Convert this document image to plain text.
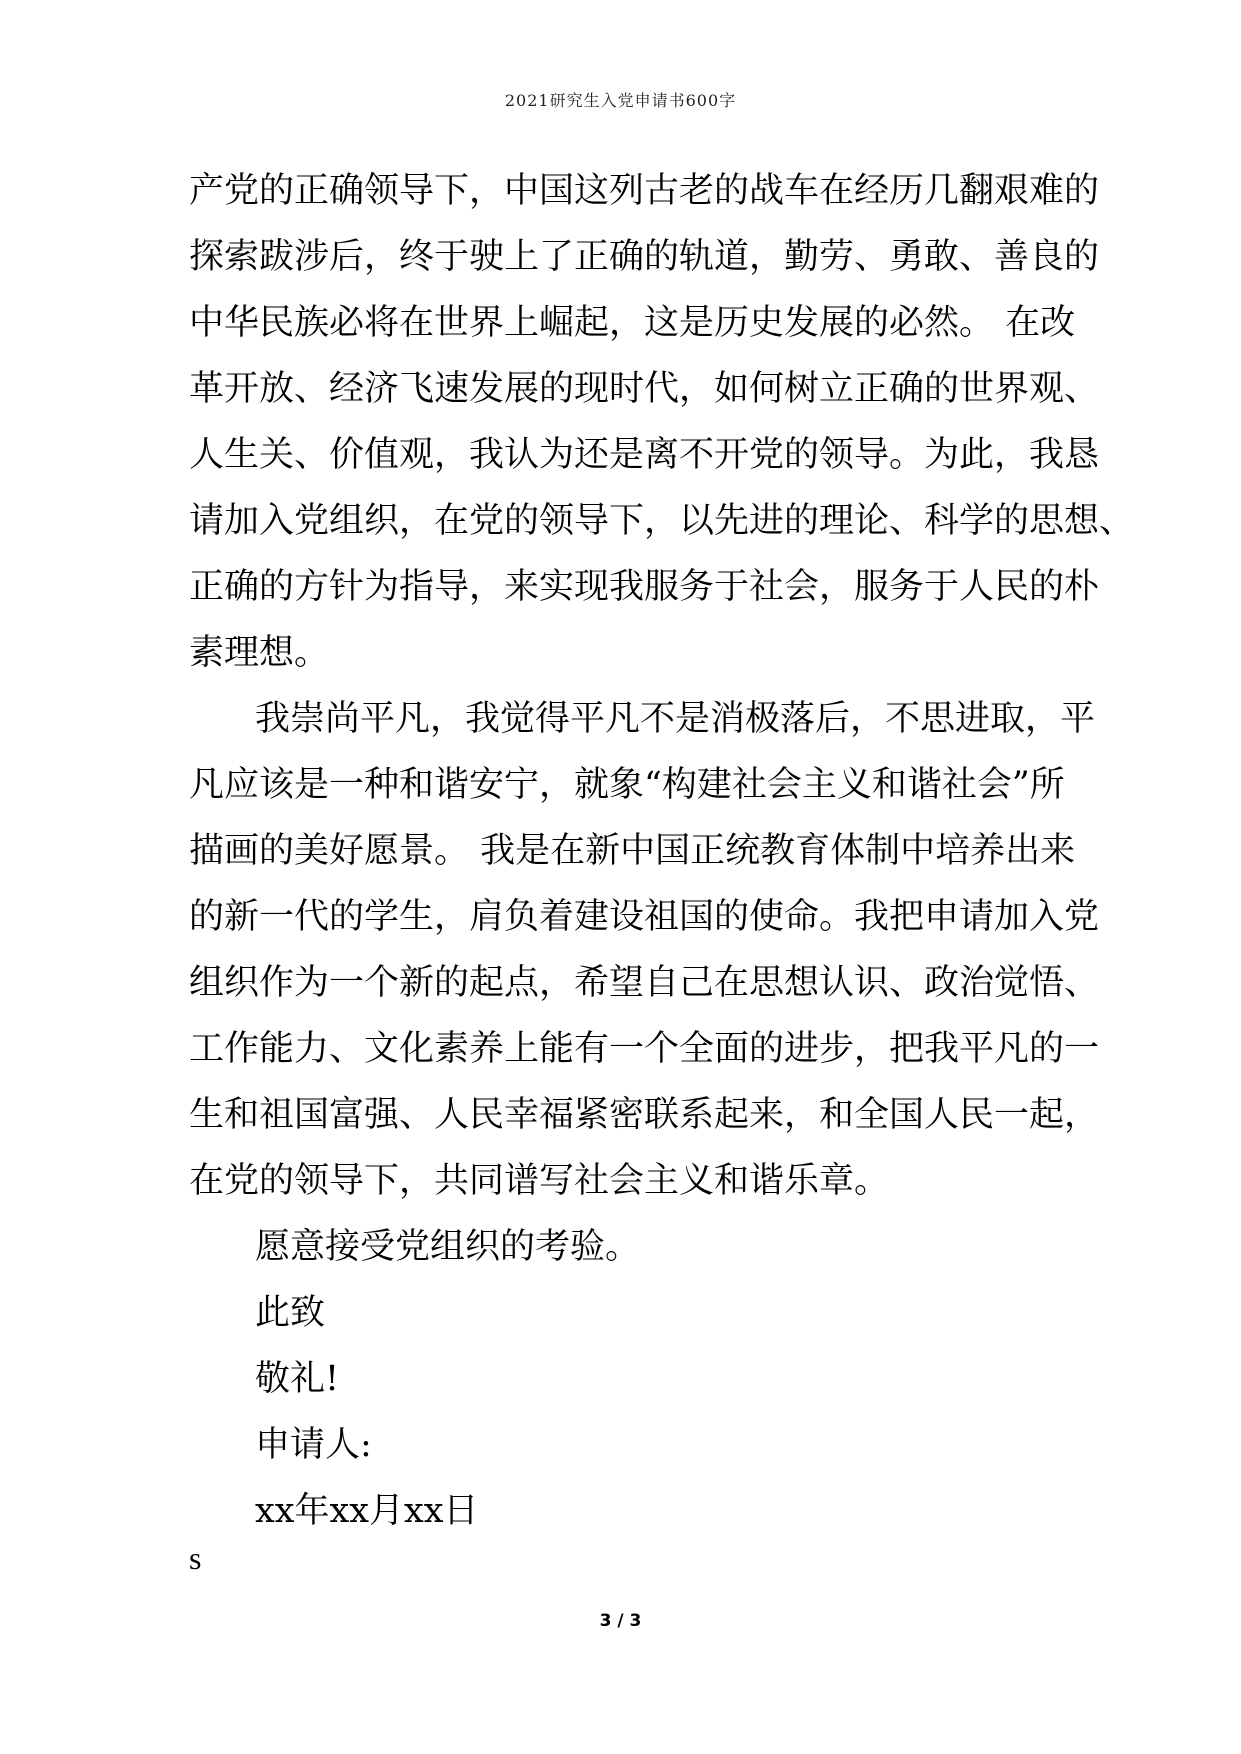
2021研究生入党申请书600字
产党的正确领导下，中国这列古老的战车在经历几翻艰难的
探索跋涉后，终于驶上了正确的轨道，勤劳、勇敢、善良的
中华民族必将在世界上崛起，这是历史发展的必然。 在改
革开放、经济飞速发展的现时代，如何树立正确的世界观、
人生关、价值观，我认为还是离不开党的领导。为此，我恳
请加入党组织，在党的领导下，以先进的理论、科学的思想、
正确的方针为指导，来实现我服务于社会，服务于人民的朴
素理想。
我崇尚平凡，我觉得平凡不是消极落后，不思进取，平
凡应该是一种和谐安宁，就象“构建社会主义和谐社会”所
描画的美好愿景。 我是在新中国正统教育体制中培养出来
的新一代的学生，肩负着建设祖国的使命。我把申请加入党
组织作为一个新的起点，希望自己在思想认识、政治觉悟、
工作能力、文化素养上能有一个全面的进步，把我平凡的一
生和祖国富强、人民幸福紧密联系起来，和全国人民一起，
在党的领导下，共同谱写社会主义和谐乐章。
愿意接受党组织的考验。
此致
敬礼!
申请人:
xx年xx月xx日
s
3 / 3
